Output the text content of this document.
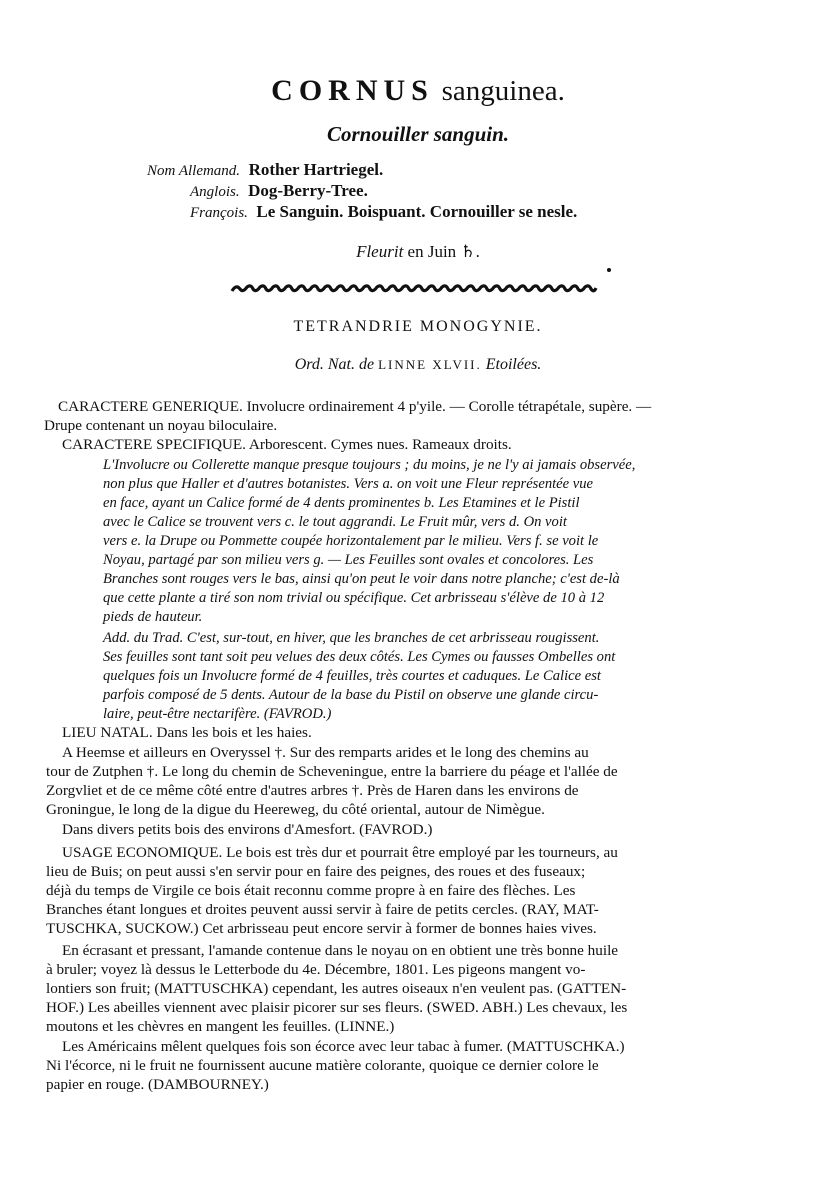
CORNUS sanguinea.
Cornouiller sanguin.
Nom Allemand. Rother Hartriegel.
Anglois. Dog-Berry-Tree.
François. Le Sanguin. Boispuant. Cornouiller se nesle.
Fleurit en Juin ♄.
TETRANDRIE MONOGYNIE.
Ord. Nat. de LINNE XLVII. Etoilées.
CARACTERE GENERIQUE. Involucre ordinairement 4 p'yile. — Corolle tétrapétale, supère. —
Drupe contenant un noyau biloculaire.
CARACTERE SPECIFIQUE. Arborescent. Cymes nues. Rameaux droits.
L'Involucre ou Collerette manque presque toujours ; du moins, je ne l'y ai jamais observée,
non plus que Haller et d'autres botanistes. Vers a. on voit une Fleur représentée vue
en face, ayant un Calice formé de 4 dents prominentes b. Les Etamines et le Pistil
avec le Calice se trouvent vers c. le tout aggrandi. Le Fruit mûr, vers d. On voit
vers e. la Drupe ou Pommette coupée horizontalement par le milieu. Vers f. se voit le
Noyau, partagé par son milieu vers g. — Les Feuilles sont ovales et concolores. Les
Branches sont rouges vers le bas, ainsi qu'on peut le voir dans notre planche; c'est de-là
que cette plante a tiré son nom trivial ou spécifique. Cet arbrisseau s'élève de 10 à 12
pieds de hauteur.
Add. du Trad. C'est, sur-tout, en hiver, que les branches de cet arbrisseau rougissent.
Ses feuilles sont tant soit peu velues des deux côtés. Les Cymes ou fausses Ombelles ont
quelques fois un Involucre formé de 4 feuilles, très courtes et caduques. Le Calice est
parfois composé de 5 dents. Autour de la base du Pistil on observe une glande circu-
laire, peut-être nectarifère. (FAVROD.)
LIEU NATAL. Dans les bois et les haies.
A Heemse et ailleurs en Overyssel †. Sur des remparts arides et le long des chemins au
tour de Zutphen †. Le long du chemin de Scheveningue, entre la barriere du péage et l'allée de
Zorgvliet et de ce même côté entre d'autres arbres †. Près de Haren dans les environs de
Groningue, le long de la digue du Heereweg, du côté oriental, autour de Nimègue.
Dans divers petits bois des environs d'Amesfort. (FAVROD.)
USAGE ECONOMIQUE. Le bois est très dur et pourrait être employé par les tourneurs, au
lieu de Buis; on peut aussi s'en servir pour en faire des peignes, des roues et des fuseaux;
déjà du temps de Virgile ce bois était reconnu comme propre à en faire des flèches. Les
Branches étant longues et droites peuvent aussi servir à faire de petits cercles. (RAY, MAT-
TUSCHKA, SUCKOW.) Cet arbrisseau peut encore servir à former de bonnes haies vives.
En écrasant et pressant, l'amande contenue dans le noyau on en obtient une très bonne huile
à bruler; voyez là dessus le Letterbode du 4e. Décembre, 1801. Les pigeons mangent vo-
lontiers son fruit; (MATTUSCHKA) cependant, les autres oiseaux n'en veulent pas. (GATTEN-
HOF.) Les abeilles viennent avec plaisir picorer sur ses fleurs. (SWED. ABH.) Les chevaux, les
moutons et les chèvres en mangent les feuilles. (LINNE.)
Les Américains mêlent quelques fois son écorce avec leur tabac à fumer. (MATTUSCHKA.)
Ni l'écorce, ni le fruit ne fournissent aucune matière colorante, quoique ce dernier colore le
papier en rouge. (DAMBOURNEY.)
